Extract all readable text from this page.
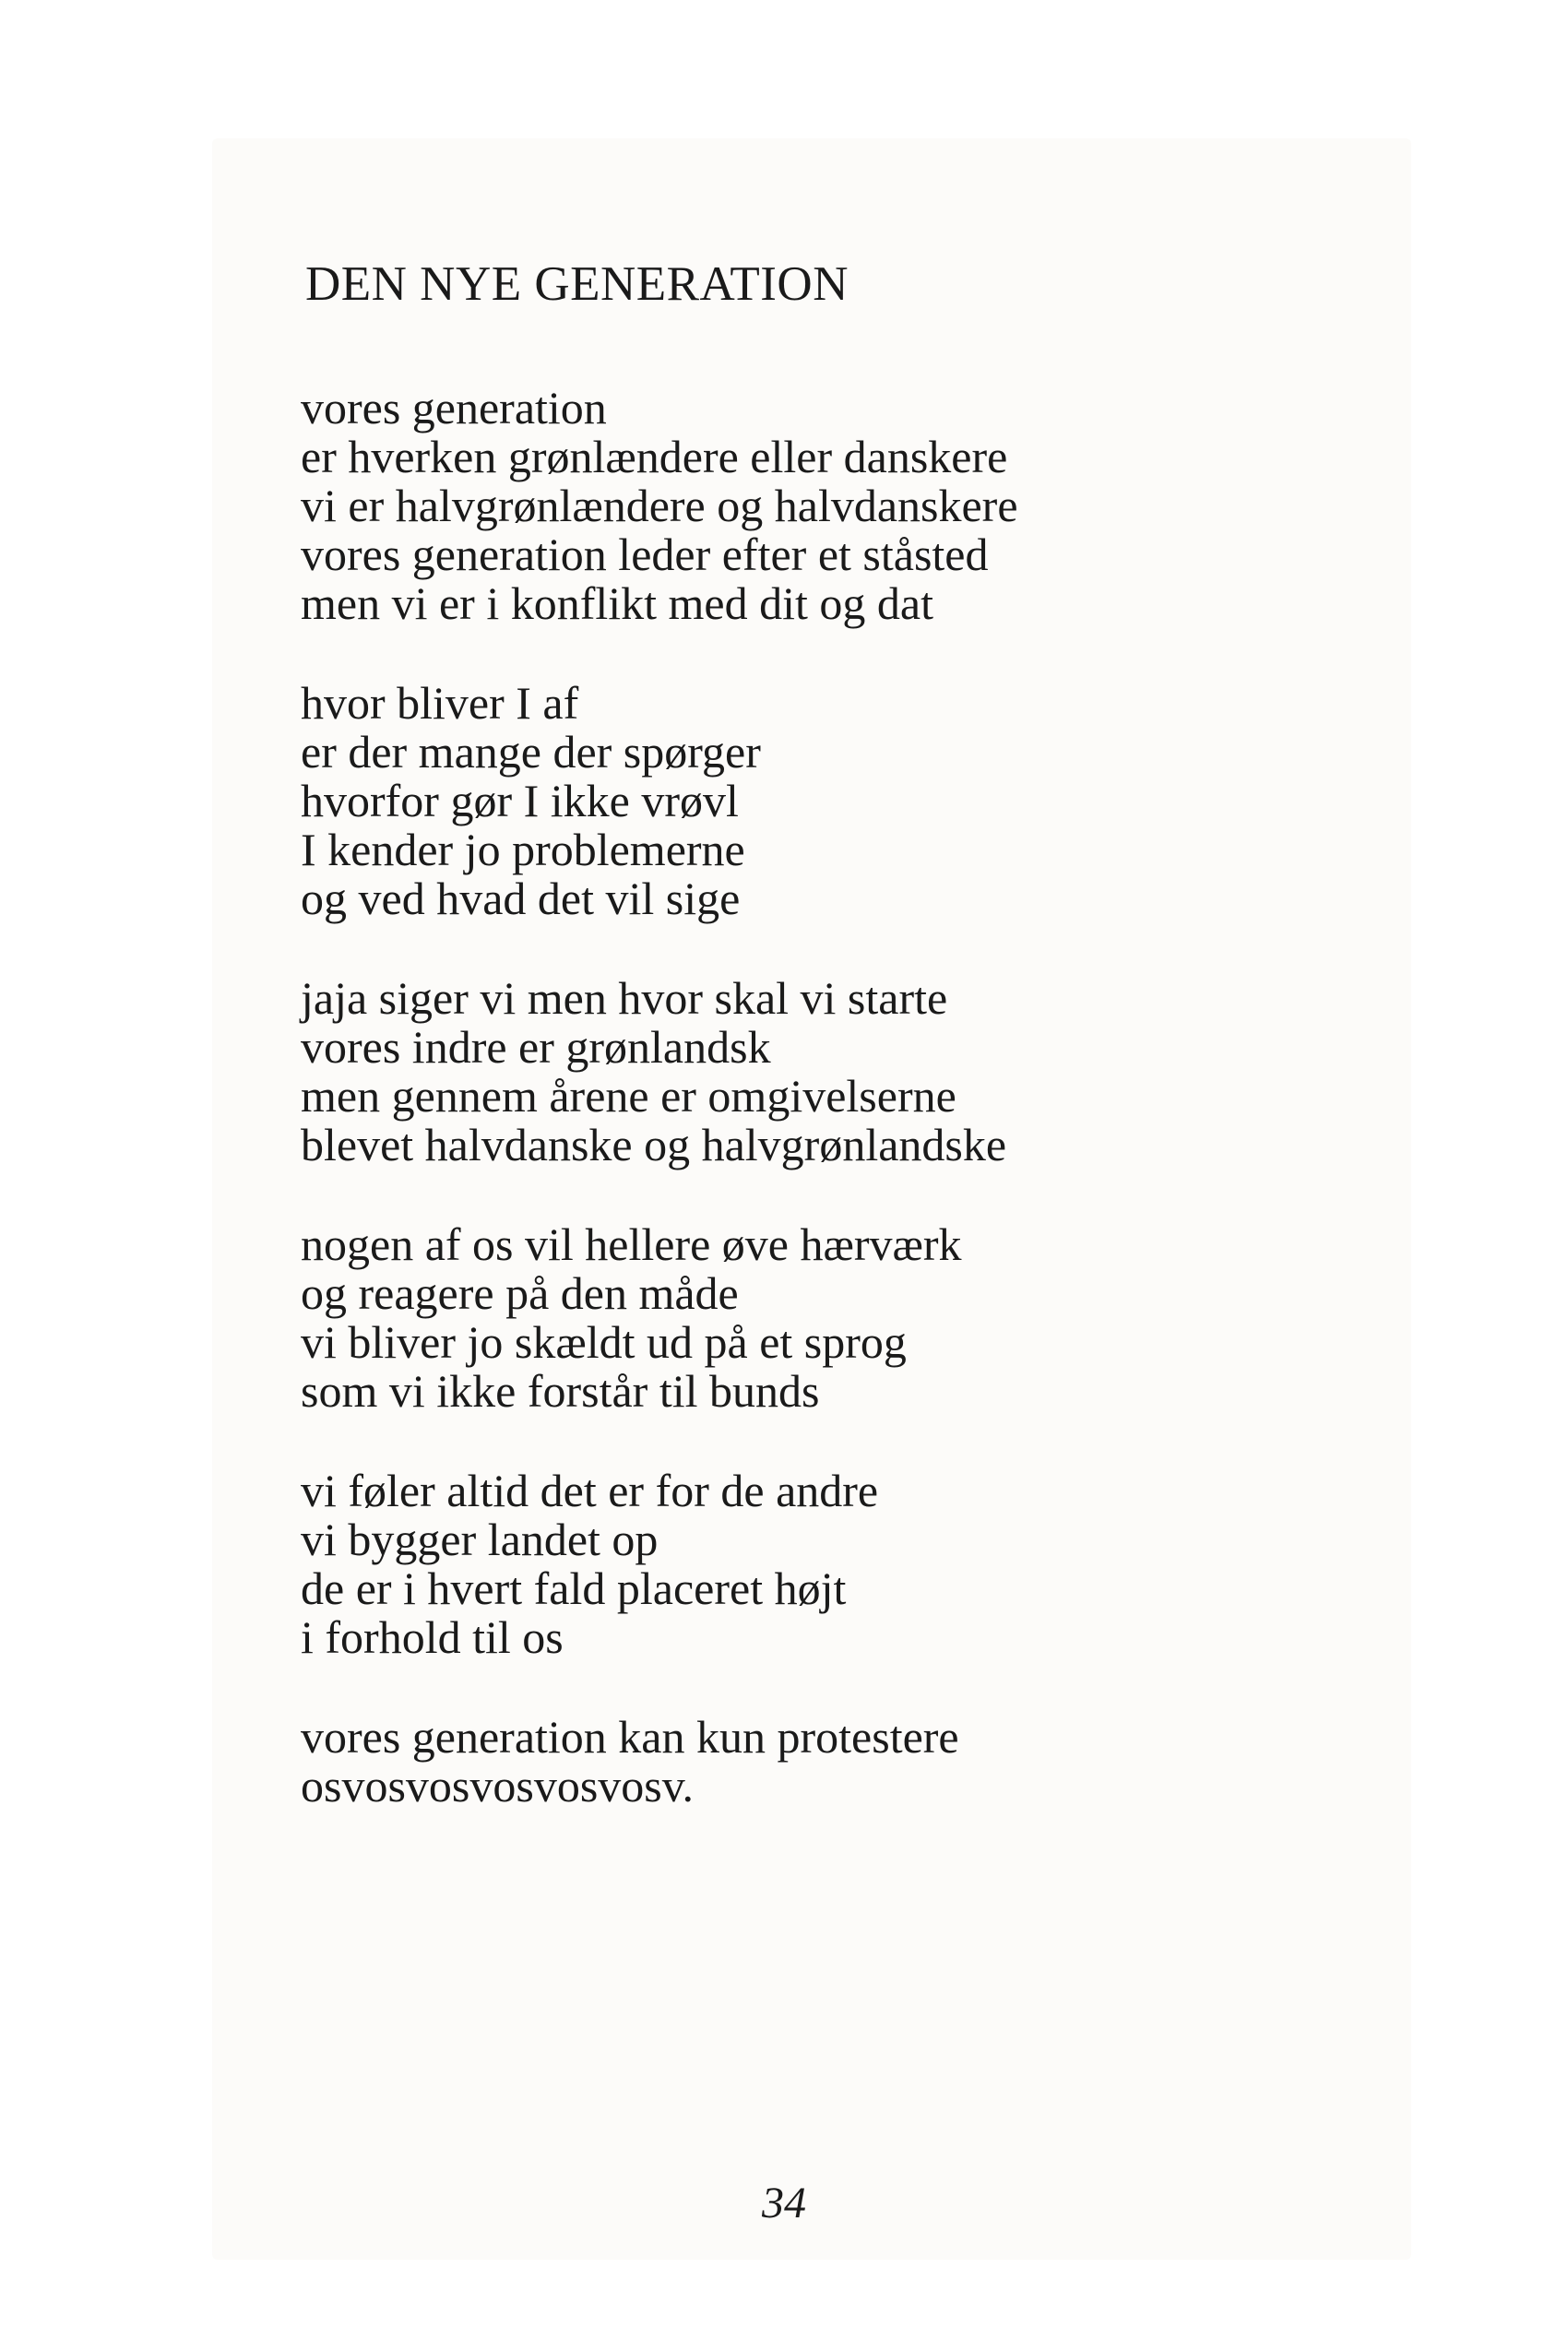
DEN NYE GENERATION
vores generation
er hverken grønlændere eller danskere
vi er halvgrønlændere og halvdanskere
vores generation leder efter et ståsted
men vi er i konflikt med dit og dat
hvor bliver I af
er der mange der spørger
hvorfor gør I ikke vrøvl
I kender jo problemerne
og ved hvad det vil sige
jaja siger vi men hvor skal vi starte
vores indre er grønlandsk
men gennem årene er omgivelserne
blevet halvdanske og halvgrønlandske
nogen af os vil hellere øve hærværk
og reagere på den måde
vi bliver jo skældt ud på et sprog
som vi ikke forstår til bunds
vi føler altid det er for de andre
vi bygger landet op
de er i hvert fald placeret højt
i forhold til os
vores generation kan kun protestere
osvosvosvosvosvosv.
34
